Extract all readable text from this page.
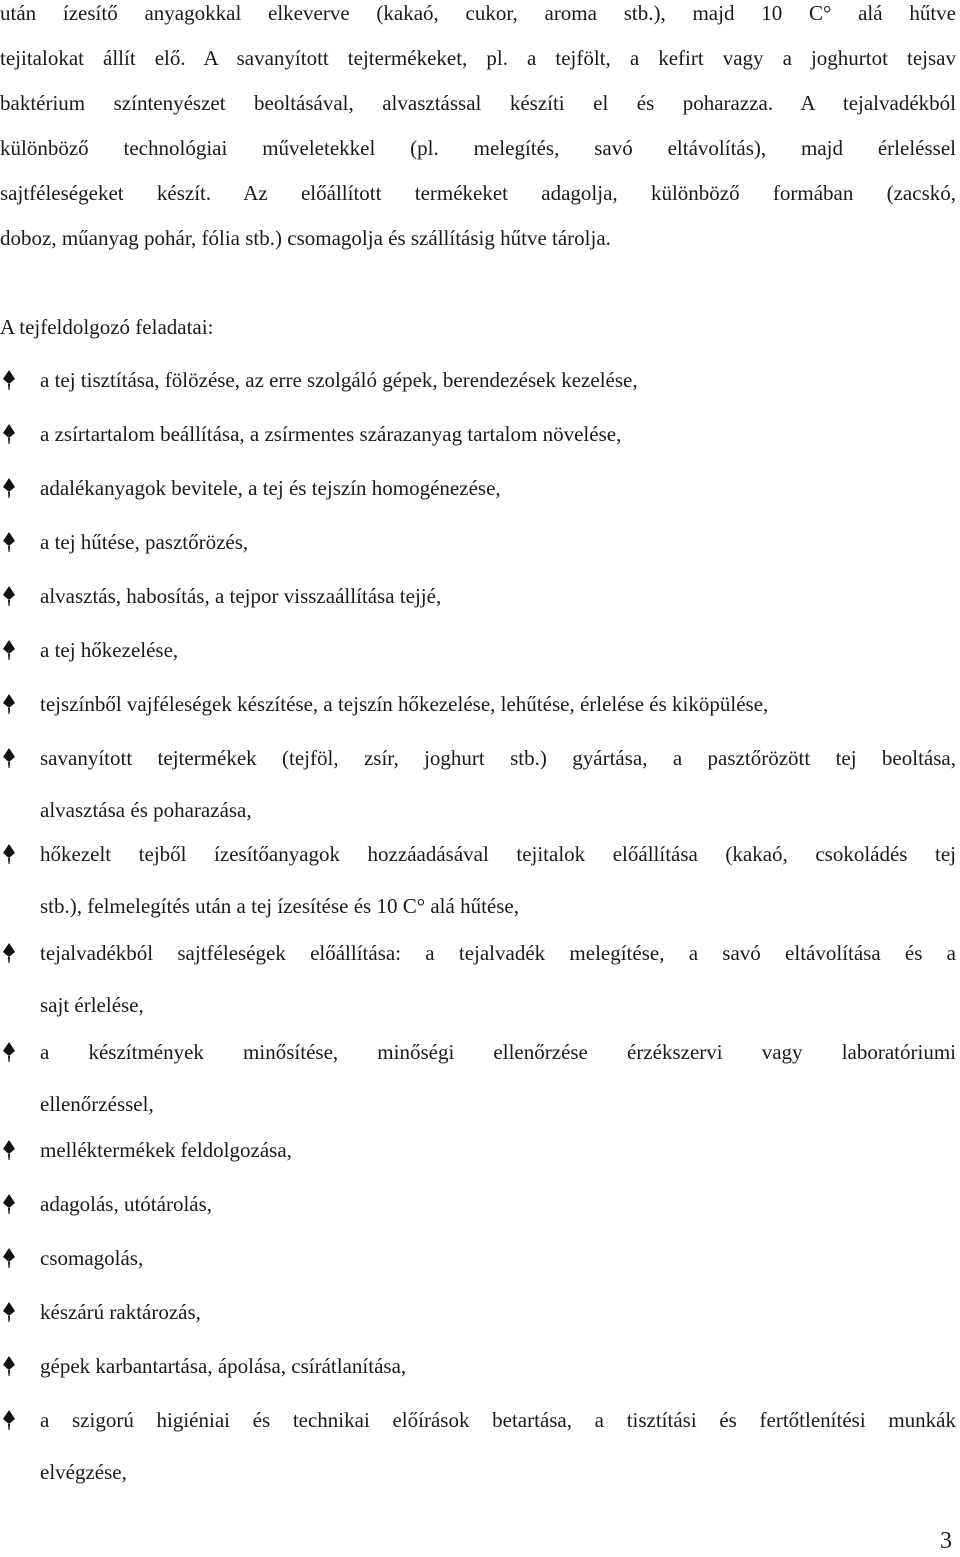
után ízesítő anyagokkal elkeverve (kakaó, cukor, aroma stb.), majd 10 C° alá hűtve
tejitalokat állít elő. A savanyított tejtermékeket, pl. a tejfölt, a kefirt vagy a joghurtot tejsav
baktérium színtenyészet beoltásával, alvasztással készíti el és poharazza. A tejalvadékból
különböző technológiai műveletekkel (pl. melegítés, savó eltávolítás), majd érleléssel
sajtféleségeket készít. Az előállított termékeket adagolja, különböző formában (zacskó,
doboz, műanyag pohár, fólia stb.) csomagolja és szállításig hűtve tárolja.
A tejfeldolgozó feladatai:
a tej tisztítása, fölözése, az erre szolgáló gépek, berendezések kezelése,
a zsírtartalom beállítása, a zsírmentes szárazanyag tartalom növelése,
adalékanyagok bevitele, a tej és tejszín homogénezése,
a tej hűtése, pasztőrözés,
alvasztás, habosítás, a tejpor visszaállítása tejjé,
a tej hőkezelése,
tejszínből vajféleségek készítése, a tejszín hőkezelése, lehűtése, érlelése és kiköpülése,
savanyított tejtermékek (tejföl, zsír, joghurt stb.) gyártása, a pasztőrözött tej beoltása,
alvasztása és poharazása,
hőkezelt tejből ízesítőanyagok hozzáadásával tejitalok előállítása (kakaó, csokoládés tej
stb.), felmelegítés után a tej ízesítése és 10 C° alá hűtése,
tejalvadékból sajtféleségek előállítása: a tejalvadék melegítése, a savó eltávolítása és a
sajt érlelése,
a készítmények minősítése, minőségi ellenőrzése érzékszervi vagy laboratóriumi
ellenőrzéssel,
melléktermékek feldolgozása,
adagolás, utótárolás,
csomagolás,
készárú raktározás,
gépek karbantartása, ápolása, csírátlanítása,
a szigorú higiéniai és technikai előírások betartása, a tisztítási és fertőtlenítési munkák
elvégzése,
3
